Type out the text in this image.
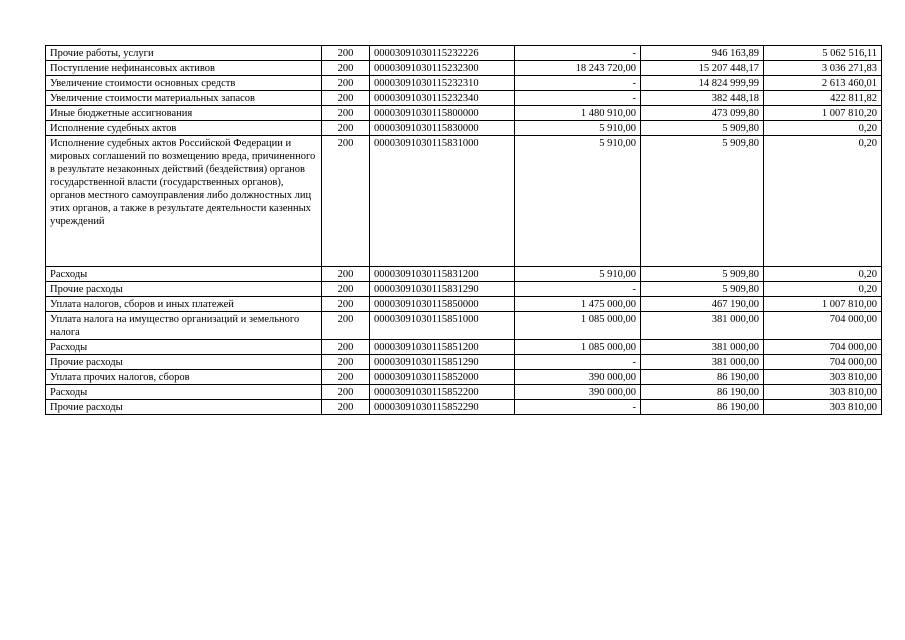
Прочие работы, услуги	200	00003091030115232226	-	946 163,89	5 062 516,11
Поступление нефинансовых активов	200	00003091030115232300	18 243 720,00	15 207 448,17	3 036 271,83
Увеличение стоимости основных средств	200	00003091030115232310	-	14 824 999,99	2 613 460,01
Увеличение стоимости материальных запасов	200	00003091030115232340	-	382 448,18	422 811,82
Иные бюджетные ассигнования	200	00003091030115800000	1 480 910,00	473 099,80	1 007 810,20
Исполнение судебных актов	200	00003091030115830000	5 910,00	5 909,80	0,20
Исполнение судебных актов Российской Федерации и мировых соглашений по возмещению вреда, причиненного в результате незаконных действий (бездействия) органов государственной власти (государственных органов), органов местного самоуправления либо должностных лиц этих органов, а также в результате деятельности казенных учреждений	200	00003091030115831000	5 910,00	5 909,80	0,20
Расходы	200	00003091030115831200	5 910,00	5 909,80	0,20
Прочие расходы	200	00003091030115831290	-	5 909,80	0,20
Уплата налогов, сборов и иных платежей	200	00003091030115850000	1 475 000,00	467 190,00	1 007 810,00
Уплата налога на имущество организаций и земельного налога	200	00003091030115851000	1 085 000,00	381 000,00	704 000,00
Расходы	200	00003091030115851200	1 085 000,00	381 000,00	704 000,00
Прочие расходы	200	00003091030115851290	-	381 000,00	704 000,00
Уплата прочих налогов, сборов	200	00003091030115852000	390 000,00	86 190,00	303 810,00
Расходы	200	00003091030115852200	390 000,00	86 190,00	303 810,00
Прочие расходы	200	00003091030115852290	-	86 190,00	303 810,00
